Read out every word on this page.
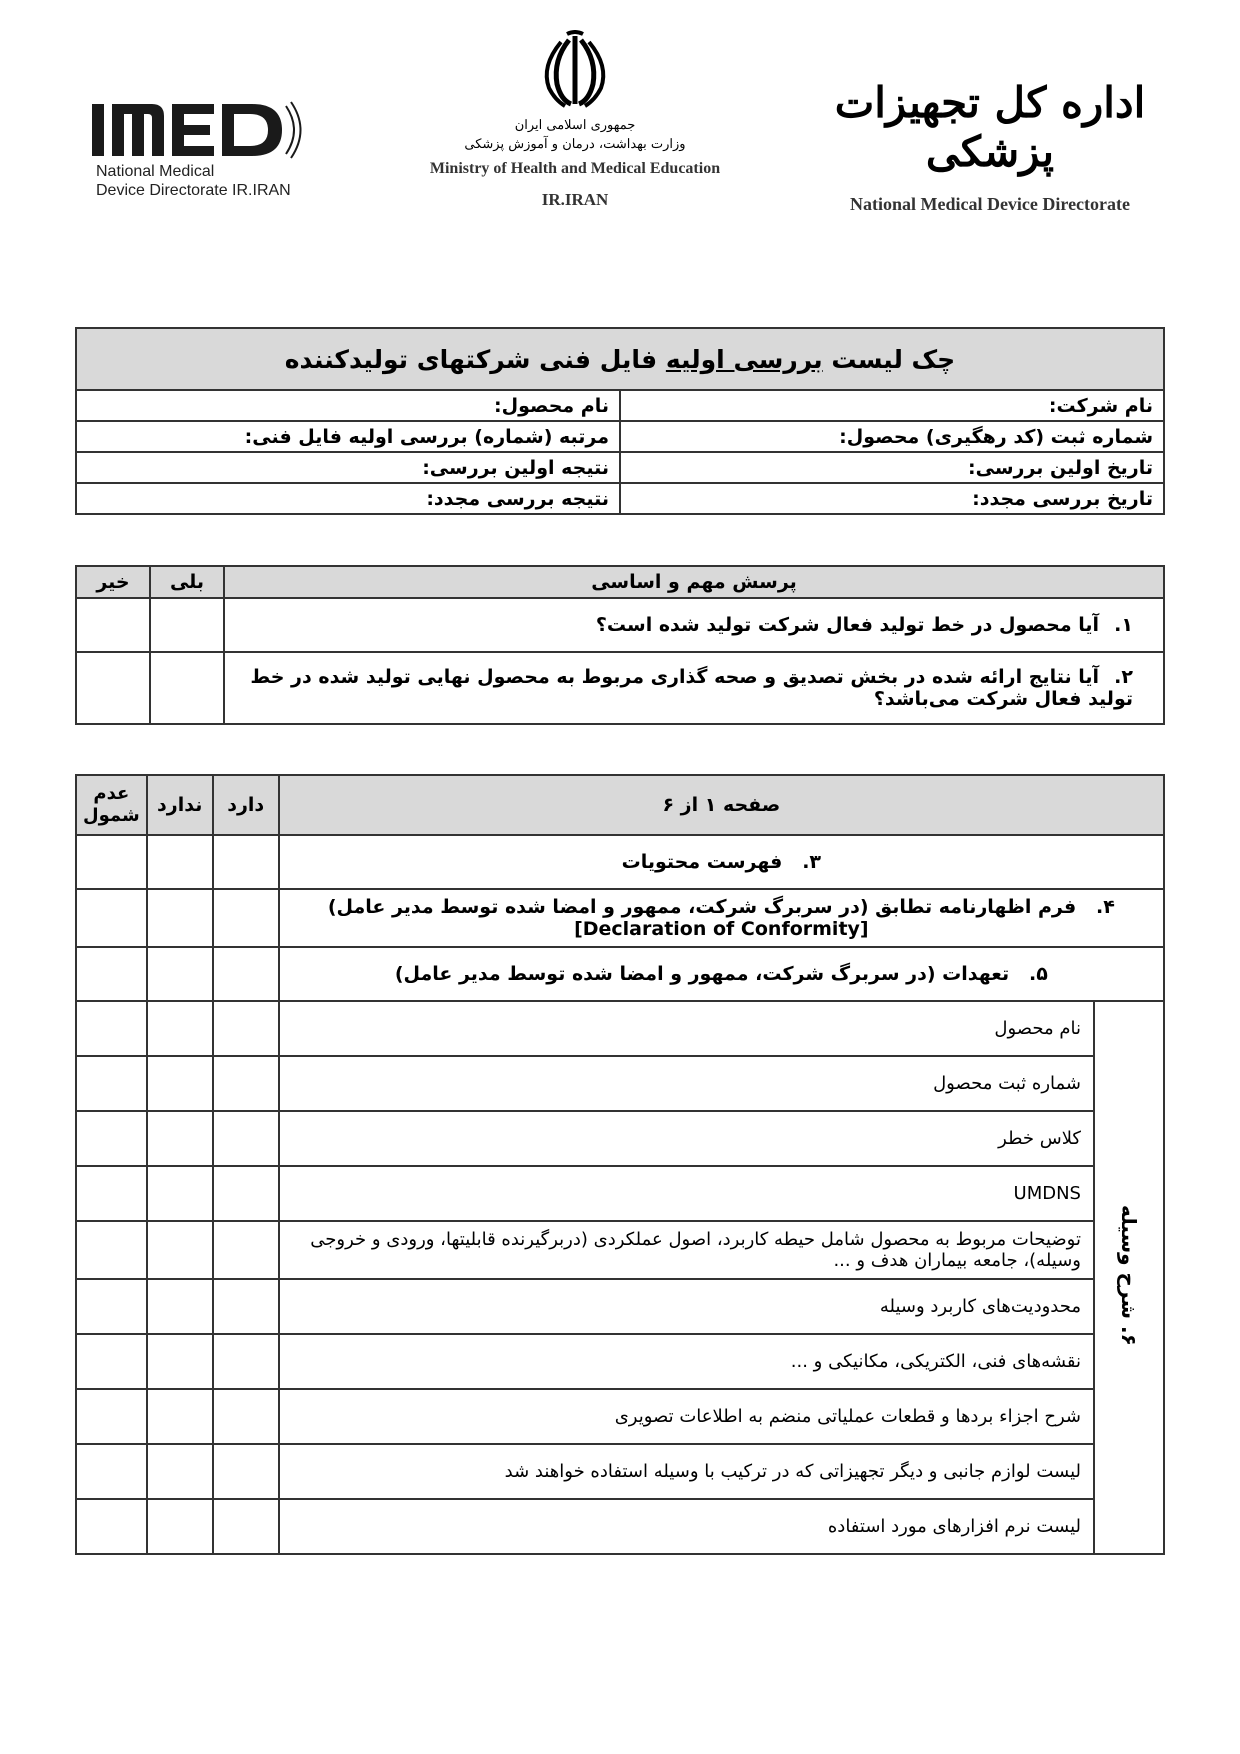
National Medical
Device Directorate IR.IRAN
جمهوری اسلامی ایران
وزارت بهداشت، درمان و آموزش پزشکی
Ministry of Health and Medical Education
IR.IRAN
اداره کل تجهیزات پزشکی
National Medical Device Directorate
چک لیست بررسی اولیه فایل فنی شرکتهای تولیدکننده	
نام شرکت:	نام محصول:
شماره ثبت (کد رهگیری) محصول:	مرتبه (شماره) بررسی اولیه فایل فنی:
تاریخ اولین بررسی:	نتیجه اولین بررسی:
تاریخ بررسی مجدد:	نتیجه بررسی مجدد:
پرسش مهم و اساسی	بلی	خیر
۱.آیا محصول در خط تولید فعال شرکت تولید شده است؟		
۲.آیا نتایج ارائه شده در بخش تصدیق و صحه گذاری مربوط به محصول نهایی تولید شده در خط تولید فعال شرکت می‌باشد؟		
صفحه ۱ از ۶		دارد	ندارد	عدم شمول
۳.   فهرست محتویات				
۴.   فرم اظهارنامه تطابق (در سربرگ شرکت، ممهور و امضا شده توسط مدیر عامل)
[Declaration of Conformity]				
۵.   تعهدات (در سربرگ شرکت، ممهور و امضا شده توسط مدیر عامل)				
۶. شرح وسیله	نام محصول			
	شماره ثبت محصول			
	کلاس خطر			
	UMDNS			
	توضیحات مربوط به محصول شامل حیطه کاربرد، اصول عملکردی (دربرگیرنده قابلیتها، ورودی و خروجی وسیله)، جامعه بیماران هدف و ...			
	محدودیت‌های کاربرد وسیله			
	نقشه‌های فنی، الکتریکی، مکانیکی و ...			
	شرح اجزاء بردها و قطعات عملیاتی منضم به اطلاعات تصویری			
	لیست لوازم جانبی و دیگر تجهیزاتی که در ترکیب با وسیله استفاده خواهند شد			
	لیست نرم افزارهای مورد استفاده			
